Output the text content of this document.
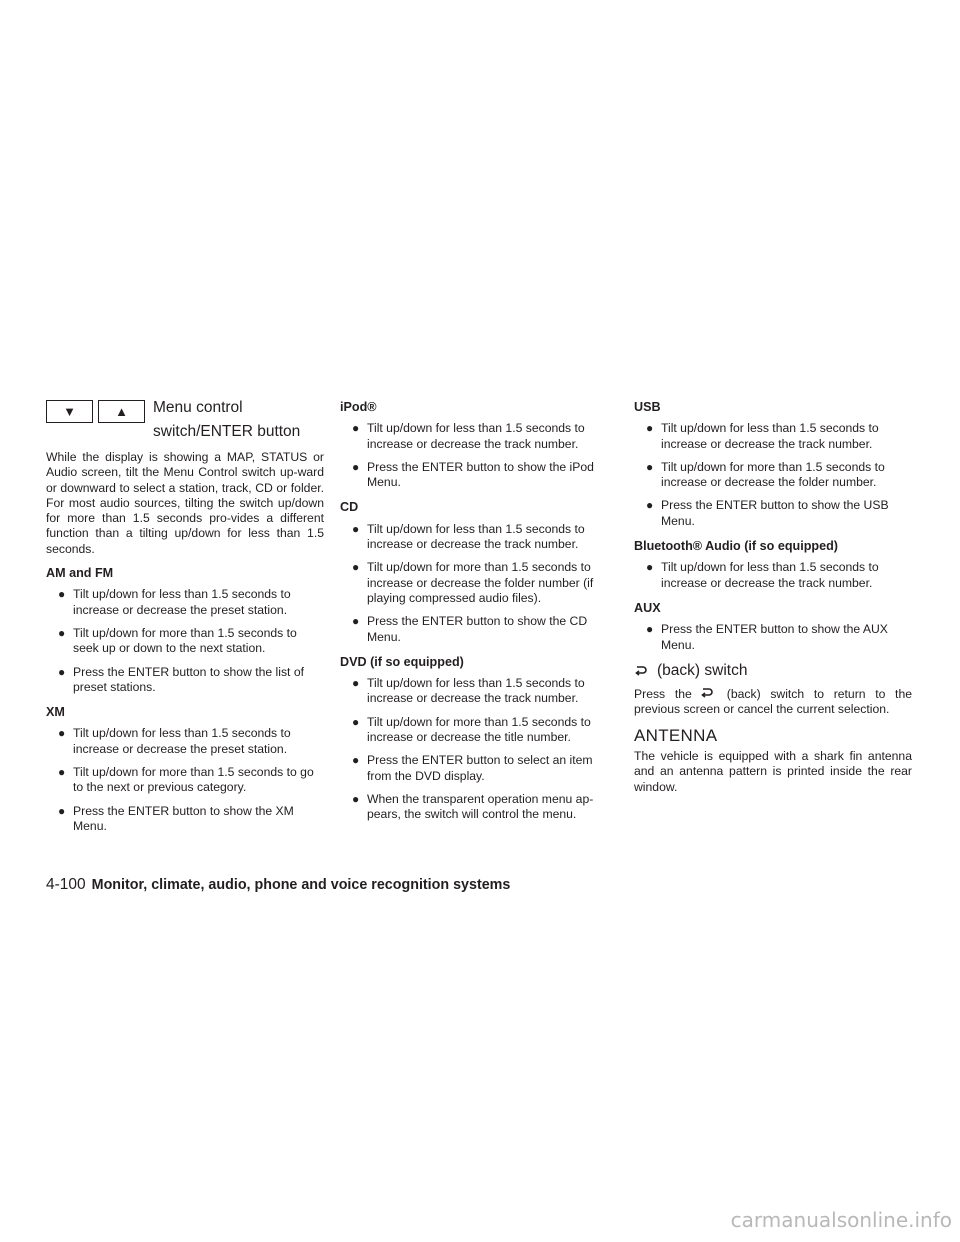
▼	▲ Menu control
switch/ENTER button

While the display is showing a MAP, STATUS or Audio screen, tilt the Menu Control switch up-ward or downward to select a station, track, CD or folder. For most audio sources, tilting the switch up/down for more than 1.5 seconds pro-vides a different function than a tilting up/down for less than 1.5 seconds.

AM and FM
● Tilt up/down for less than 1.5 seconds to increase or decrease the preset station.
● Tilt up/down for more than 1.5 seconds to seek up or down to the next station.
● Press the ENTER button to show the list of preset stations.
XM
● Tilt up/down for less than 1.5 seconds to increase or decrease the preset station.
● Tilt up/down for more than 1.5 seconds to go to the next or previous category.
● Press the ENTER button to show the XM Menu.
iPod®
● Tilt up/down for less than 1.5 seconds to increase or decrease the track number.
● Press the ENTER button to show the iPod Menu.
CD
● Tilt up/down for less than 1.5 seconds to increase or decrease the track number.
● Tilt up/down for more than 1.5 seconds to increase or decrease the folder number (if playing compressed audio files).
● Press the ENTER button to show the CD Menu.
DVD (if so equipped)
● Tilt up/down for less than 1.5 seconds to increase or decrease the track number.
● Tilt up/down for more than 1.5 seconds to increase or decrease the title number.
● Press the ENTER button to select an item from the DVD display.
● When the transparent operation menu ap-pears, the switch will control the menu.
USB
● Tilt up/down for less than 1.5 seconds to increase or decrease the track number.
● Tilt up/down for more than 1.5 seconds to increase or decrease the folder number.
● Press the ENTER button to show the USB Menu.
Bluetooth® Audio (if so equipped)
● Tilt up/down for less than 1.5 seconds to increase or decrease the track number.
AUX
● Press the ENTER button to show the AUX Menu.
(back) switch

Press the	(back) switch to return to the previous screen or cancel the current selection.

ANTENNA

The vehicle is equipped with a shark fin antenna and an antenna pattern is printed inside the rear window.

4-100 Monitor, climate, audio, phone and voice recognition systems
carmanualsonline.info
